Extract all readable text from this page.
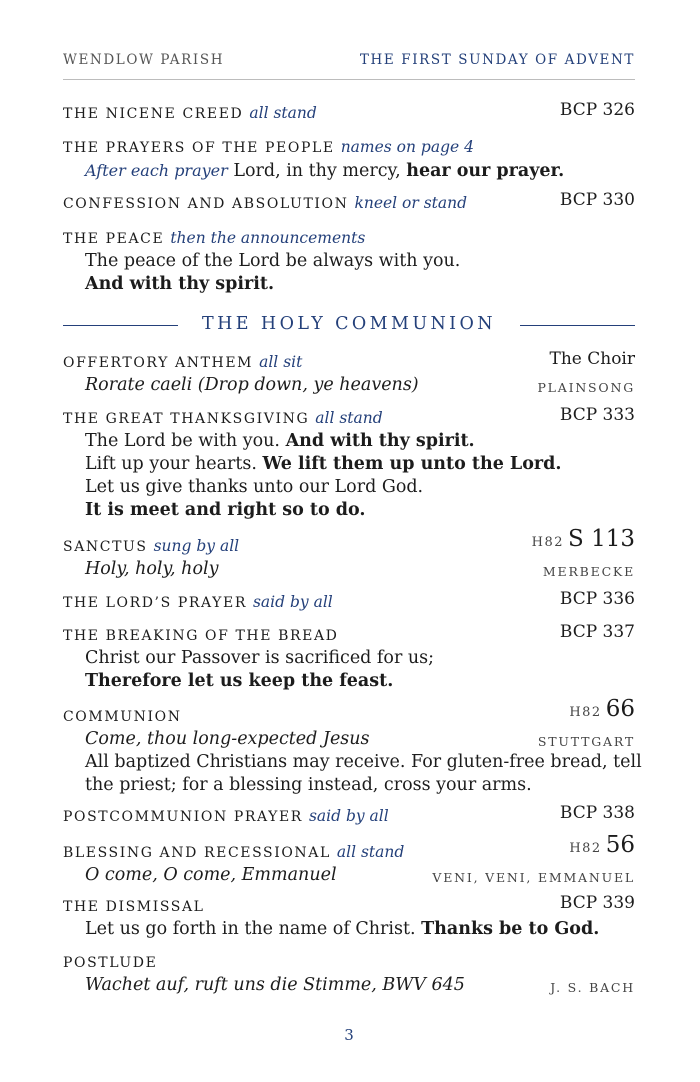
WENDLOW PARISH	THE FIRST SUNDAY OF ADVENT
THE NICENE CREED all stand	BCP 326
THE PRAYERS OF THE PEOPLE names on page 4
After each prayer Lord, in thy mercy, hear our prayer.
CONFESSION AND ABSOLUTION kneel or stand	BCP 330
THE PEACE then the announcements
The peace of the Lord be always with you.
And with thy spirit.
THE HOLY COMMUNION
OFFERTORY ANTHEM all sit	The Choir
Rorate caeli (Drop down, ye heavens)	PLAINSONG
THE GREAT THANKSGIVING all stand	BCP 333
The Lord be with you. And with thy spirit.
Lift up your hearts. We lift them up unto the Lord.
Let us give thanks unto our Lord God.
It is meet and right so to do.
SANCTUS sung by all	H82 S 113
Holy, holy, holy	MERBECKE
THE LORD’S PRAYER said by all	BCP 336
THE BREAKING OF THE BREAD	BCP 337
Christ our Passover is sacrificed for us;
Therefore let us keep the feast.
COMMUNION	H82 66
Come, thou long-expected Jesus	STUTTGART
All baptized Christians may receive. For gluten-free bread, tell
the priest; for a blessing instead, cross your arms.
POSTCOMMUNION PRAYER said by all	BCP 338
BLESSING AND RECESSIONAL all stand	H82 56
O come, O come, Emmanuel	VENI, VENI, EMMANUEL
THE DISMISSAL	BCP 339
Let us go forth in the name of Christ. Thanks be to God.
POSTLUDE
Wachet auf, ruft uns die Stimme, BWV 645	J. S. BACH
3
